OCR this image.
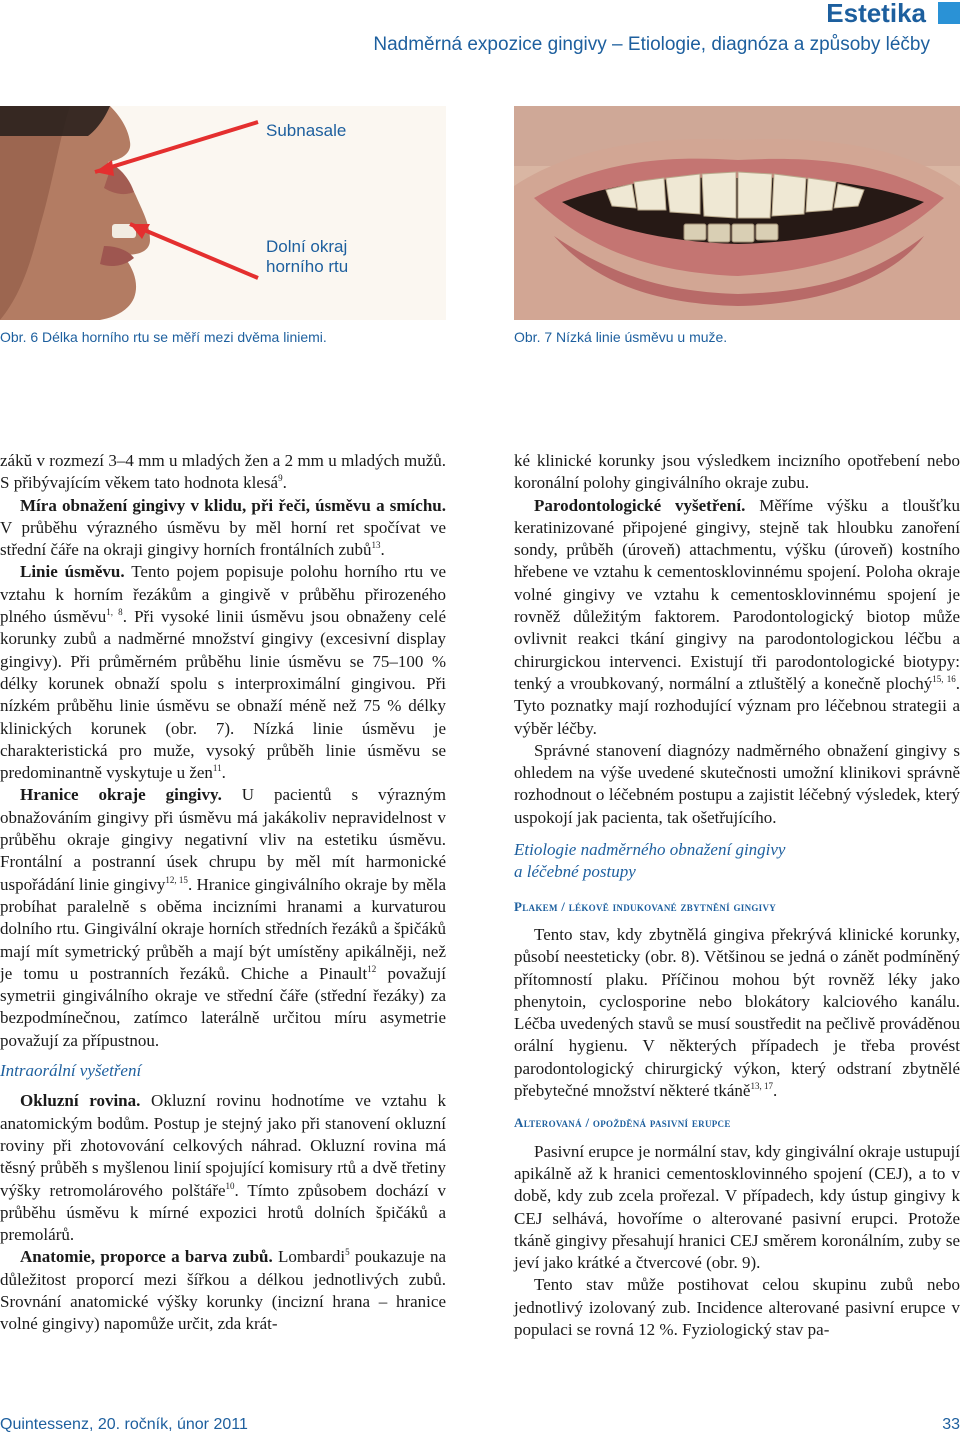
Estetika
Nadměrná expozice gingivy – Etiologie, diagnóza a způsoby léčby
Subnasale
Dolní okraj
horního rtu
Obr. 6 Délka horního rtu se měří mezi dvěma liniemi.	Obr. 7 Nízká linie úsměvu u muže.

zákŭ v rozmezí 3–4 mm u mladých žen a 2 mm u mladých mužů. S přibývajícím věkem tato hodnota klesá$^9$.

Míra obnažení gingivy v klidu, při řeči, úsměvu a smíchu. V průběhu výrazného úsměvu by měl horní ret spočívat ve střední čáře na okraji gingivy horních frontálních zubů$^{13}$.

Linie úsměvu. Tento pojem popisuje polohu horního rtu ve vztahu k horním řezákům a gingivě v průběhu přirozeného plného úsměvu$^{1, 8}$. Při vysoké linii úsměvu jsou obnaženy celé korunky zubů a nadměrné množství gingivy (excesivní display gingivy). Při průměrném průběhu linie úsměvu se 75–100 % délky korunek obnaží spolu s interproximální gingivou. Při nízkém průběhu linie úsměvu se obnaží méně než 75 % délky klinických korunek (obr. 7). Nízká linie úsměvu je charakteristická pro muže, vysoký průběh linie úsměvu se predominantně vyskytuje u žen$^{11}$.

Hranice okraje gingivy. U pacientů s výrazným obnažováním gingivy při úsměvu má jakákoliv nepravidelnost v průběhu okraje gingivy negativní vliv na estetiku úsměvu. Frontální a postranní úsek chrupu by měl mít harmonické uspořádání linie gingivy$^{12, 15}$. Hranice gingiválního okraje by měla probíhat paralelně s oběma incizními hranami a kurvaturou dolního rtu. Gingivální okraje horních středních řezáků a špičáků mají mít symetrický průběh a mají být umístěny apikálněji, než je tomu u postranních řezáků. Chiche a Pinault$^{12}$ považují symetrii gingiválního okraje ve střední čáře (střední řezáky) za bezpodmínečnou, zatímco laterálně určitou míru asymetrie považují za přípustnou.

Intraorální vyšetření

Okluzní rovina. Okluzní rovinu hodnotíme ve vztahu k anatomickým bodům. Postup je stejný jako při stanovení okluzní roviny při zhotovování celkových náhrad. Okluzní rovina má těsný průběh s myšlenou linií spojující komisury rtů a dvě třetiny výšky retromolárového polštáře$^{10}$. Tímto způsobem dochází v průběhu úsměvu k mírné expozici hrotů dolních špičáků a premolárů.

Anatomie, proporce a barva zubů. Lombardi$^5$ poukazuje na důležitost proporcí mezi šířkou a délkou jednotlivých zubů. Srovnání anatomické výšky korunky (incizní hrana – hranice volné gingivy) napomůže určit, zda krát-

ké klinické korunky jsou výsledkem incizního opotřebení nebo koronální polohy gingiválního okraje zubu.

Parodontologické vyšetření. Měříme výšku a tloušťku keratinizované připojené gingivy, stejně tak hloubku zanoření sondy, průběh (úroveň) attachmentu, výšku (úroveň) kostního hřebene ve vztahu k cementosklovinnému spojení. Poloha okraje volné gingivy ve vztahu k cementosklovinnému spojení je rovněž důležitým faktorem. Parodontologický biotop může ovlivnit reakci tkání gingivy na parodontologickou léčbu a chirurgickou intervenci. Existují tři parodontologické biotypy: tenký a vroubkovaný, normální a ztluštělý a konečně plochý$^{15, 16}$. Tyto poznatky mají rozhodující význam pro léčebnou strategii a výběr léčby.

Správné stanovení diagnózy nadměrného obnažení gingivy s ohledem na výše uvedené skutečnosti umožní klinikovi správně rozhodnout o léčebném postupu a zajistit léčebný výsledek, který uspokojí jak pacienta, tak ošetřujícího.

Etiologie nadměrného obnažení gingivy

a léčebné postupy

Plakem / lékově indukované zbytnění gingivy

Tento stav, kdy zbytnělá gingiva překrývá klinické korunky, působí neesteticky (obr. 8). Většinou se jedná o zánět podmíněný přítomností plaku. Příčinou mohou být rovněž léky jako phenytoin, cyclosporine nebo blokátory kalciového kanálu. Léčba uvedených stavů se musí soustředit na pečlivě prováděnou orální hygienu. V některých případech je třeba provést parodontologický chirurgický výkon, který odstraní zbytnělé přebytečné množství některé tkáně$^{13, 17}$.

Alterovaná / opožděná pasivní erupce

Pasivní erupce je normální stav, kdy gingivální okraje ustupují apikálně až k hranici cementosklovinného spojení (CEJ), a to v době, kdy zub zcela prořezal. V případech, kdy ústup gingivy k CEJ selhává, hovoříme o alterované pasivní erupci. Protože tkáně gingivy přesahují hranici CEJ směrem koronálním, zuby se jeví jako krátké a čtvercové (obr. 9).

Tento stav může postihovat celou skupinu zubů nebo jednotlivý izolovaný zub. Incidence alterované pasivní erupce v populaci se rovná 12 %. Fyziologický stav pa-

Quintessenz, 20. ročník, únor 2011	33
